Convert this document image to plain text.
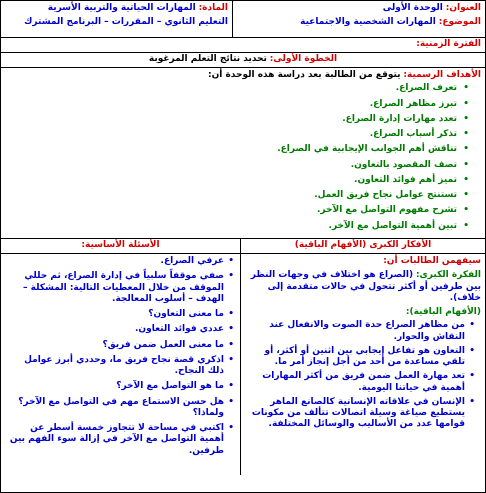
العنوان: الوحدة الأولى
الموضوع: المهارات الشخصية والاجتماعية
المادة: المهارات الحياتية والتربية الأسرية
التعليم الثانوي – المقررات – البرنامج المشترك
الفترة الزمنية:
الخطوة الأولى: تحديد نتائج التعلم المرغوبة
الأهداف الرسمية: يتوقع من الطالبة بعد دراسة هذه الوحدة أن:
• تعرف الصراع.
• تبرز مظاهر الصراع.
• تعدد مهارات إدارة الصراع.
• تذكر أسباب الصراع.
• تناقش أهم الجوانب الإيجابية في الصراع.
• تصف المقصود بالتعاون.
• تميز أهم فوائد التعاون.
• تستنتج عوامل نجاح فريق العمل.
• تشرح مفهوم التواصل مع الآخر.
• تبين أهمية التواصل مع الآخر.
الأفكار الكبرى (الأفهام الباقية)
سيفهمن الطالبات أن:
الفكرة الكبرى: (الصراع هو اختلاف في وجهات النظر بين طرفين أو أكثر تتحول في حالات متقدمة إلى خلاف).
(الأفهام الباقية):
• من مظاهر الصراع حدة الصوت والانفعال عند النقاش والحوار.
• التعاون هو تفاعل إيجابي بين اثنين أو أكثر، أو تلقي مساعدة من أحد من أجل إنجاز أمر ما.
• تعد مهارة العمل ضمن فريق من أكثر المهارات أهمية في حياتنا اليومية.
• الإنسان في علاقاته الإنسانية كالصانع الماهر يستطيع صياغة وسيلة اتصالات تتألف من مكونات قوامها عدد من الأساليب والوسائل المختلفة.
الأسئلة الأساسية:
• عرفي الصراع.
• صفي موقفاً سلبياً في إدارة الصراع، ثم حللي الموقف من خلال المعطيات التالية: المشكلة – الهدف – أسلوب المعالجة.
• ما معنى التعاون؟
• عددي فوائد التعاون.
• ما معنى العمل ضمن فريق؟
• اذكري قصة نجاح فريق ما، وحددي أبرز عوامل ذلك النجاح.
• ما هو التواصل مع الآخر؟
• هل حسن الاستماع مهم في التواصل مع الآخر؟ ولماذا؟
• اكتبي في مساحة لا تتجاوز خمسة أسطر عن أهمية التواصل مع الآخر في إزالة سوء الفهم بين طرفين.
